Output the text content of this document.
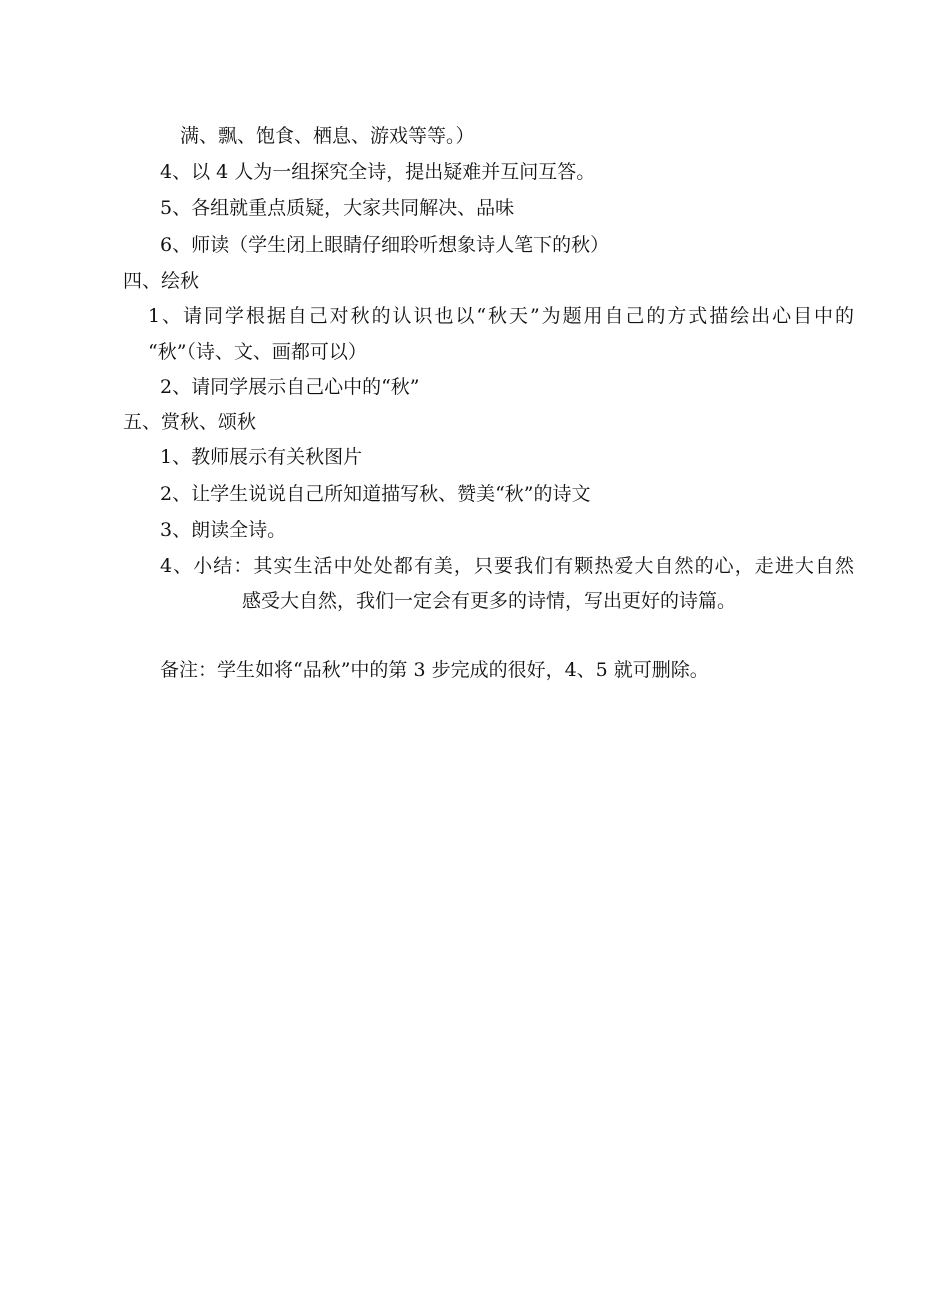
满、飘、饱食、栖息、游戏等等。）
4、以 4 人为一组探究全诗，提出疑难并互问互答。
5、各组就重点质疑，大家共同解决、品味
6、师读（学生闭上眼睛仔细聆听想象诗人笔下的秋）
四、绘秋
1、请同学根据自己对秋的认识也以“秋天”为题用自己的方式描绘出心目中的
“秋”（诗、文、画都可以）
2、请同学展示自己心中的“秋”
五、赏秋、颂秋
1、教师展示有关秋图片
2、让学生说说自己所知道描写秋、赞美“秋”的诗文
3、朗读全诗。
4、小结：其实生活中处处都有美，只要我们有颗热爱大自然的心，走进大自然
感受大自然，我们一定会有更多的诗情，写出更好的诗篇。
备注：学生如将“品秋”中的第 3 步完成的很好，4、5 就可删除。
